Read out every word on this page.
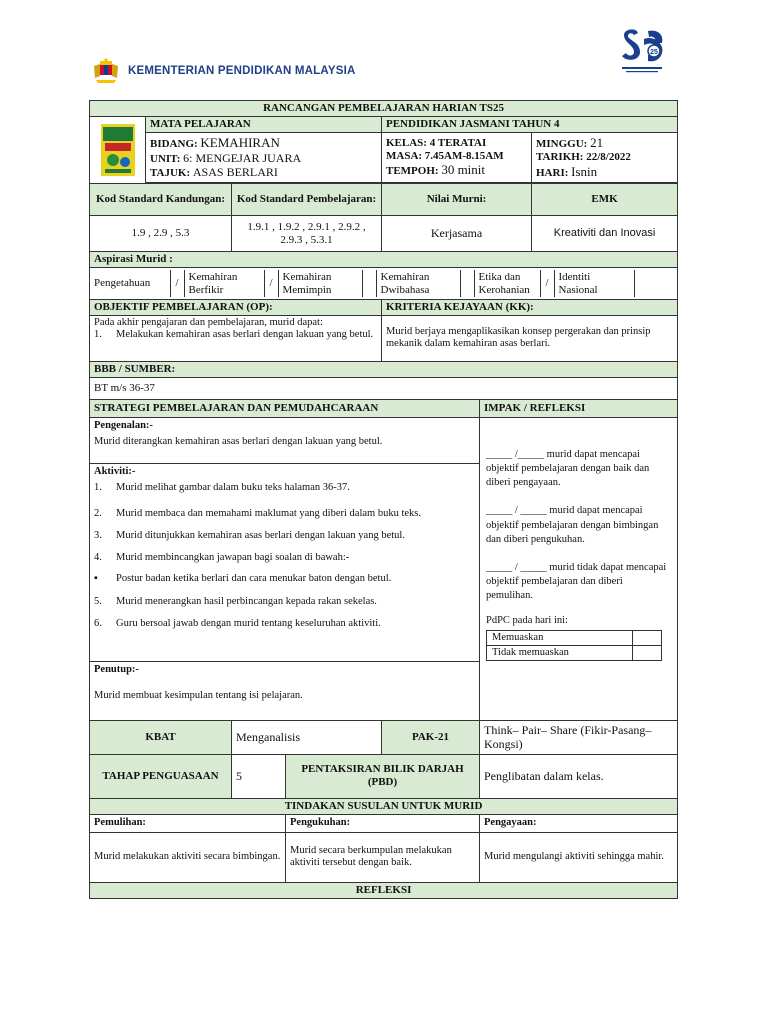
KEMENTERIAN PENDIDIKAN MALAYSIA
25
RANCANGAN PEMBELAJARAN HARIAN TS25

	MATA PELAJARAN	PENDIDIKAN JASMANI TAHUN 4

BIDANG: KEMAHIRAN
UNIT: 6: MENGEJAR JUARA
TAJUK: ASAS BERLARI

KELAS: 4 TERATAI
MASA: 7.45AM-8.15AM
TEMPOH: 30 minit

MINGGU: 21
TARIKH: 22/8/2022
HARI: Isnin

Kod Standard Kandungan:	Kod Standard Pembelajaran:	Nilai Murni:	EMK
1.9 , 2.9 , 5.3	1.9.1 , 1.9.2 , 2.9.1 , 2.9.2 , 2.9.3 , 5.3.1	Kerjasama	Kreativiti dan Inovasi
Aspirasi Murid :

Pengetahuan	/	Kemahiran Berfikir	/	Kemahiran Memimpin		Kemahiran Dwibahasa		Etika dan Kerohanian	/	Identiti Nasional	

OBJEKTIF PEMBELAJARAN (OP):	KRITERIA KEJAYAAN (KK):

Pada akhir pengajaran dan pembelajaran, murid dapat:
1.	Melakukan kemahiran asas berlari dengan lakuan yang betul.	Murid berjaya mengaplikasikan konsep pergerakan dan prinsip mekanik dalam kemahiran asas berlari.
BBB / SUMBER:
BT m/s 36-37
STRATEGI PEMBELAJARAN DAN PEMUDAHCARAAN	IMPAK / REFLEKSI

Pengenalan:-
Murid diterangkan kemahiran asas berlari dengan lakuan yang betul.
Aktiviti:-
1.	Murid melihat gambar dalam buku teks halaman 36-37.
2.	Murid membaca dan memahami maklumat yang diberi dalam buku teks.
3.	Murid ditunjukkan kemahiran asas berlari dengan lakuan yang betul.
4.	Murid membincangkan jawapan bagi soalan di bawah:-
▪	Postur badan ketika berlari dan cara menukar baton dengan betul.
5.	Murid menerangkan hasil perbincangan kepada rakan sekelas.
6.	Guru bersoal jawab dengan murid tentang keseluruhan aktiviti.
Penutup:-
Murid membuat kesimpulan tentang isi pelajaran.

_____ /_____ murid dapat mencapai objektif pembelajaran dengan baik dan diberi pengayaan.
_____ / _____ murid dapat mencapai objektif pembelajaran dengan bimbingan dan diberi pengukuhan.
_____ / _____ murid tidak dapat mencapai objektif pembelajaran dan diberi pemulihan.
PdPC pada hari ini:
Memuaskan	
Tidak memuaskan	

KBAT	Menganalisis	PAK-21	Think– Pair– Share (Fikir-Pasang– Kongsi)
TAHAP PENGUASAAN	5	PENTAKSIRAN BILIK DARJAH (PBD)	Penglibatan dalam kelas.
TINDAKAN SUSULAN UNTUK MURID
Pemulihan:	Pengukuhan:	Pengayaan:
Murid melakukan aktiviti secara bimbingan.	Murid secara berkumpulan melakukan aktiviti tersebut dengan baik.	Murid mengulangi aktiviti sehingga mahir.
REFLEKSI
